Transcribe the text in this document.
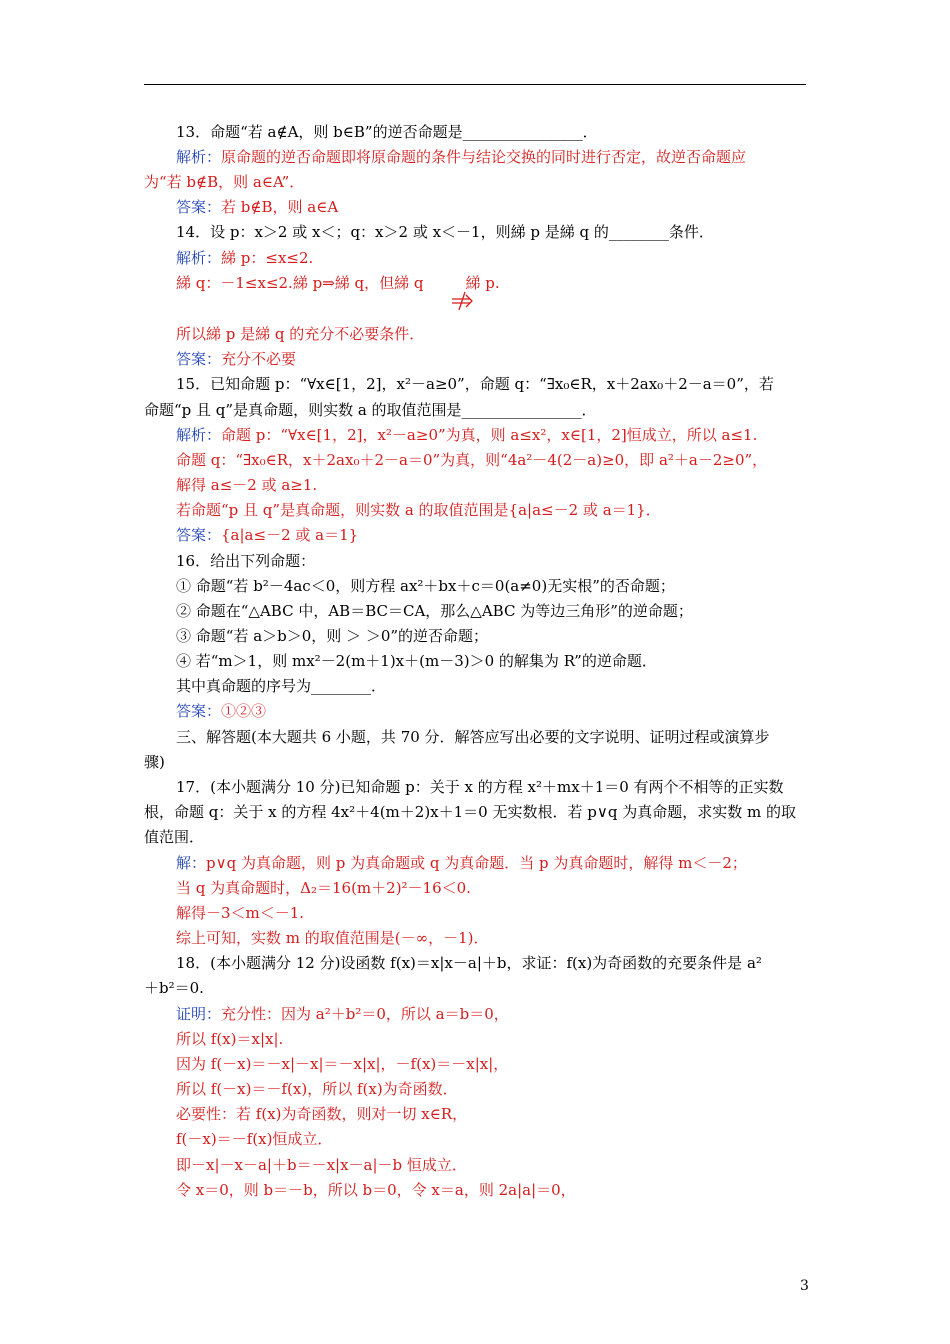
13．命题“若 a∉A，则 b∈B”的逆否命题是________________．
解析：原命题的逆否命题即将原命题的条件与结论交换的同时进行否定，故逆否命题应
为“若 b∉B，则 a∈A”．
答案：若 b∉B，则 a∈A
14．设 p：x＞2 或 x＜；q：x＞2 或 x＜－1，则綈 p 是綈 q 的________条件．
解析：綈 p：≤x≤2.
綈 q：－1≤x≤2.綈 p⇒綈 q，但綈 q	綈 p.
所以綈 p 是綈 q 的充分不必要条件．
答案：充分不必要
15．已知命题 p：“∀x∈[1，2]，x²－a≥0”，命题 q：“∃x₀∈R，x＋2ax₀＋2－a＝0”，若
命题“p 且 q”是真命题，则实数 a 的取值范围是________________．
解析：命题 p：“∀x∈[1，2]，x²－a≥0”为真，则 a≤x²，x∈[1，2]恒成立，所以 a≤1.
命题 q：“∃x₀∈R，x＋2ax₀＋2－a＝0”为真，则“4a²－4(2－a)≥0，即 a²＋a－2≥0”，
解得 a≤－2 或 a≥1.
若命题“p 且 q”是真命题，则实数 a 的取值范围是{a|a≤－2 或 a＝1}．
答案：{a|a≤－2 或 a＝1}
16．给出下列命题：
① 命题“若 b²－4ac＜0，则方程 ax²＋bx＋c＝0(a≠0)无实根”的否命题；
② 命题在“△ABC 中，AB＝BC＝CA，那么△ABC 为等边三角形”的逆命题；
③ 命题“若 a＞b＞0，则 ＞ ＞0”的逆否命题；
④ 若“m＞1，则 mx²－2(m＋1)x＋(m－3)＞0 的解集为 R”的逆命题．
其中真命题的序号为________．
答案：①②③
三、解答题(本大题共 6 小题，共 70 分．解答应写出必要的文字说明、证明过程或演算步
骤)
17．(本小题满分 10 分)已知命题 p：关于 x 的方程 x²＋mx＋1＝0 有两个不相等的正实数
根，命题 q：关于 x 的方程 4x²＋4(m＋2)x＋1＝0 无实数根．若 p∨q 为真命题，求实数 m 的取
值范围．
解：p∨q 为真命题，则 p 为真命题或 q 为真命题．当 p 为真命题时，解得 m＜－2；
当 q 为真命题时，Δ₂＝16(m＋2)²－16＜0.
解得－3＜m＜－1.
综上可知，实数 m 的取值范围是(－∞，－1)．
18．(本小题满分 12 分)设函数 f(x)＝x|x－a|＋b，求证：f(x)为奇函数的充要条件是 a²
＋b²＝0.
证明：充分性：因为 a²＋b²＝0，所以 a＝b＝0，
所以 f(x)＝x|x|.
因为 f(－x)＝－x|－x|＝－x|x|，－f(x)＝－x|x|，
所以 f(－x)＝－f(x)，所以 f(x)为奇函数．
必要性：若 f(x)为奇函数，则对一切 x∈R，
f(－x)＝－f(x)恒成立．
即－x|－x－a|＋b＝－x|x－a|－b 恒成立．
令 x＝0，则 b＝－b，所以 b＝0，令 x＝a，则 2a|a|＝0，
3
